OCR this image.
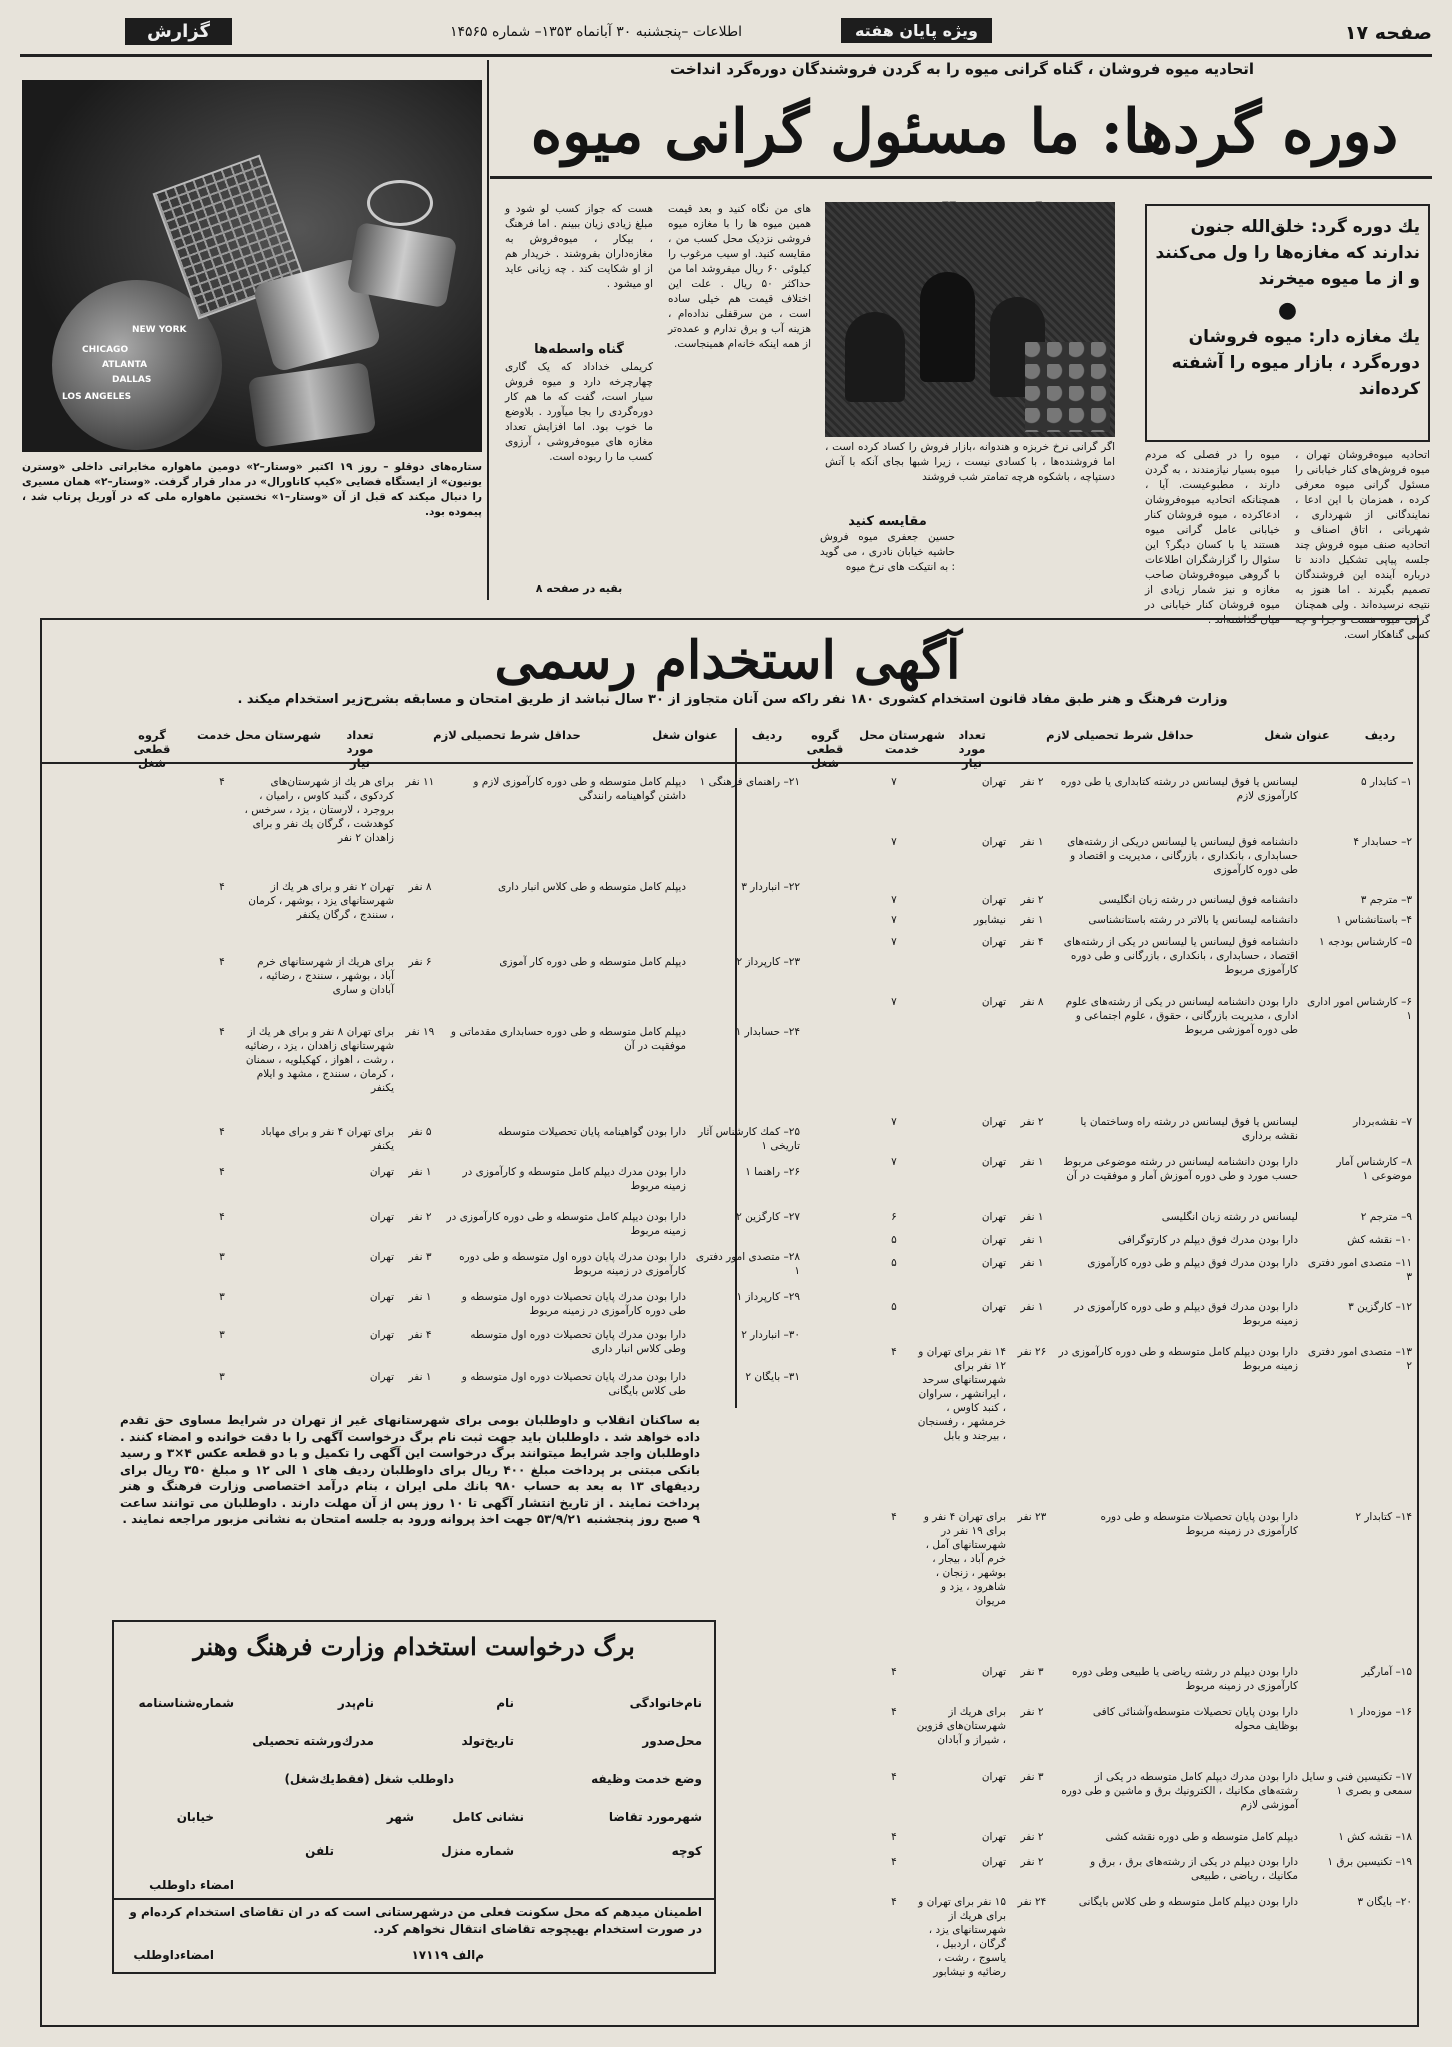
صفحه ۱۷
ویژه پایان هفته
اطلاعات –پنجشنبه ۳۰ آبانماه ۱۳۵۳– شماره ۱۴۵۶۵
گزارش
اتحادیه میوه فروشان ، گناه گرانی میوه را به گردن فروشندگان دوره‌گرد انداخت
دوره گردها: ما مسئول گرانی میوه
یك دوره گرد: خلق‌الله جنون ندارند که مغازه‌ها را ول می‌کنند و از ما میوه میخرند
●
یك مغازه دار: میوه فروشان دوره‌گرد ، بازار میوه را آشفته کرده‌اند
اگر گرانی نرخ خربزه و هندوانه ،بازار فروش را کساد کرده است ، اما فروشنده‌ها ، با کسادی نیست ، زیرا شبها بجای آنکه با آتش دستپاچه ، باشکوه هرچه تمامتر شب فروشند
اتحادیه میوه‌فروشان تهران ، میوه فروش‌های کنار خیابانی را مسئول گرانی میوه معرفی کرده ، همزمان با این ادعا ، نمایندگانی از شهرداری ، شهربانی ، اتاق اصناف و اتحادیه صنف میوه فروش چند جلسه پیاپی تشکیل دادند تا درباره آینده این فروشندگان تصمیم بگیرند . اما هنوز به نتیجه نرسیده‌اند . ولی همچنان گرانی میوه هست و جرا و چه کسی گناهکار است.
میوه را در فصلی که مردم میوه بسیار نیازمندند ، به گردن دارند ، مطبوعیست. آیا ، همچنانکه اتحادیه میوه‌فروشان ادعاکرده ، میوه فروشان کنار خیابانی عامل گرانی میوه هستند یا با کسان دیگر؟ این سئوال را گزارشگران اطلاعات با گروهی میوه‌فروشان صاحب مغازه و نیز شمار زیادی از میوه فروشان کنار خیابانی در میان گذاشته‌اند .
مقایسه کنید
حسین جعفری میوه فروش حاشیه خیابان نادری ، می گوید : به انتیکت های نرخ میوه
های من نگاه کنید و بعد قیمت همین میوه ها را با مغازه میوه فروشی نزدیک محل کسب من ، مقایسه کنید. او سیب مرغوب را کیلوئی ۶۰ ریال میفروشد اما من حداکثر ۵۰ ریال . علت این اختلاف قیمت هم خیلی ساده است ، من سرقفلی نداده‌ام ، هزینه آب و برق ندارم و عمده‌تر از همه اینکه خانه‌ام همینجاست.
هست که جواز کسب لو شود و مبلغ زیادی زیان ببینم . اما فرهنگ ، بیکار ، میوه‌فروش به مغازه‌داران بفروشند . خریدار هم از او شکایت کند . چه زیانی عاید او میشود .
گناه واسطه‌ها
کریملی خداداد که یک گاری چهارچرخه دارد و میوه فروش سیار است، گفت که ما هم کار دوره‌گردی را بجا میآورد . بلاوضع ما خوب بود. اما افزایش تعداد مغازه های میوه‌فروشی ، آرزوی کسب ما را ربوده است.
بقیه در صفحه ۸
NEW YORK
CHICAGO
ATLANTA
DALLAS
LOS ANGELES
ستاره‌های دوقلو – روز ۱۹ اکتبر «وستار–۲» دومین ماهواره مخابراتی داخلی «وسترن یونیون» از ایستگاه فضایی «کیپ کاناورال» در مدار قرار گرفت. «وستار–۲» همان مسیری را دنبال میکند که قبل از آن «وستار–۱» نخستین ماهواره ملی که در آوریل پرتاب شد ، پیموده بود.
آگهی استخدام رسمی
وزارت فرهنگ و هنر طبق مفاد قانون استخدام کشوری ۱۸۰ نفر راکه سن آنان متجاوز از ۳۰ سال نباشد از طریق امتحان و مسابقه بشرح‌زیر استخدام میکند .
ردیف
عنوان شغل
حداقل شرط تحصیلی لازم
تعداد مورد
شهرستان محل خدمت
گروه قطعی
ردیف
عنوان شغل
حداقل شرط تحصیلی لازم
تعداد مورد
شهرستان محل خدمت
گروه قطعی
۱– کتابدار ۵
لیسانس یا فوق لیسانس در رشته کتابداری یا طی دوره کارآموزی لازم
۲ نفر
تهران
۷
۲– حسابدار ۴
دانشنامه فوق لیسانس یا لیسانس دریکی از رشته‌های حسابداری ، بانکداری ، بازرگانی ، مدیریت و اقتصاد و طی دوره کارآموزی
۱ نفر
تهران
۷
۳– مترجم ۳
دانشنامه فوق لیسانس در رشته زبان انگلیسی
۲ نفر
تهران
۷
۴– باستانشناس ۱
دانشنامه لیسانس یا بالاتر در رشته باستانشناسی
۱ نفر
نیشابور
۷
۵– کارشناس بودجه ۱
دانشنامه فوق لیسانس یا لیسانس در یکی از رشته‌های اقتصاد ، حسابداری ، بانکداری ، بازرگانی و طی دوره کارآموزی مربوط
۴ نفر
تهران
۷
۶– کارشناس امور اداری ۱
دارا بودن دانشنامه لیسانس در یکی از رشته‌های علوم اداری ، مدیریت بازرگانی ، حقوق ، علوم اجتماعی و طی دوره آموزشی مربوط
۸ نفر
تهران
۷
۷– نقشه‌بردار
لیسانس یا فوق لیسانس در رشته راه وساختمان یا نقشه برداری
۲ نفر
تهران
۷
۸– کارشناس آمار موضوعی ۱
دارا بودن دانشنامه لیسانس در رشته موضوعی مربوط حسب مورد و طی دوره آموزش آمار و موفقیت در آن
۱ نفر
تهران
۷
۹– مترجم ۲
لیسانس در رشته زبان انگلیسی
۱ نفر
تهران
۶
۱۰– نقشه کش
دارا بودن مدرك فوق دیپلم در کارتوگرافی
۱ نفر
تهران
۵
۱۱– متصدی امور دفتری ۳
دارا بودن مدرك فوق دیپلم و طی دوره کارآموزی
۱ نفر
تهران
۵
۱۲– کارگزین ۳
دارا بودن مدرك فوق دیپلم و طی دوره کارآموزی در زمینه مربوط
۱ نفر
تهران
۵
۱۳– متصدی امور دفتری ۲
دارا بودن دیپلم کامل متوسطه و طی دوره کارآموزی در زمینه مربوط
۲۶ نفر
۱۴ نفر برای تهران و ۱۲ نفر برای شهرستانهای سرحد ، ایرانشهر ، سراوان ، کنبد کاوس ، خرمشهر ، رفسنجان ، بیرجند و بابل
۴
۱۴– کتابدار ۲
دارا بودن پایان تحصیلات متوسطه و طی دوره کارآموزی در زمینه مربوط
۲۳ نفر
برای تهران ۴ نفر و برای ۱۹ نفر در شهرستانهای آمل ، خرم آباد ، بیجار ، بوشهر ، زنجان ، شاهرود ، یزد و مریوان
۴
۱۵– آمارگیر
دارا بودن دیپلم در رشته ریاضی یا طبیعی وطی دوره کارآموزی در زمینه مربوط
۳ نفر
تهران
۴
۱۶– موزه‌دار ۱
دارا بودن پایان تحصیلات متوسطه‌وآشنائی کافی بوظایف محوله
۲ نفر
برای هریك از شهرستان‌های قزوین ، شیراز و آبادان
۴
۱۷– تکنیسین فنی و سایل سمعی و بصری ۱
دارا بودن مدرك دیپلم کامل متوسطه در یکی از رشته‌های مکانیك ، الکترونیك برق و ماشین و طی دوره آموزشی لازم
۳ نفر
تهران
۴
۱۸– نقشه کش ۱
دیپلم کامل متوسطه و طی دوره نقشه کشی
۲ نفر
تهران
۴
۱۹– تکنیسین برق ۱
دارا بودن دیپلم در یکی از رشته‌های برق ، برق و مکانیك ، ریاضی ، طبیعی
۲ نفر
تهران
۴
۲۰– بایگان ۳
دارا بودن دیپلم کامل متوسطه و طی کلاس بایگانی
۲۴ نفر
۱۵ نفر برای تهران و برای هریك از شهرستانهای یزد ، گرگان ، اردبیل ، یاسوج ، رشت ، رضائیه و نیشابور
۴
۲۱– راهنمای فرهنگی ۱
دیپلم کامل متوسطه و طی دوره کارآموزی لازم و داشتن گواهینامه رانندگی
۱۱ نفر
برای هر یك از شهرستان‌های کردکوی ، گنبد کاوس ، رامیان ، بروجرد ، لارستان ، یزد ، سرخس ، کوهدشت ، گرگان یك نفر و برای زاهدان ۲ نفر
۴
۲۲– انباردار ۳
دیپلم کامل متوسطه و طی کلاس انبار داری
۸ نفر
تهران ۲ نفر و برای هر یك از شهرستانهای یزد ، بوشهر ، کرمان ، سنندج ، گرگان یکنفر
۴
۲۳– کارپرداز ۲
دیپلم کامل متوسطه و طی دوره کار آموزی
۶ نفر
برای هریك از شهرستانهای خرم آباد ، بوشهر ، سنندج ، رضائیه ، آبادان و ساری
۴
۲۴– حسابدار ۱
دیپلم کامل متوسطه و طی دوره حسابداری مقدماتی و موفقیت در آن
۱۹ نفر
برای تهران ۸ نفر و برای هر یك از شهرستانهای زاهدان ، یزد ، رضائیه ، رشت ، اهواز ، کهکیلویه ، سمنان ، کرمان ، سنندج ، مشهد و ایلام یکنفر
۴
۲۵– کمك کارشناس آثار تاریخی ۱
دارا بودن گواهینامه پایان تحصیلات متوسطه
۵ نفر
برای تهران ۴ نفر و برای مهاباد یکنفر
۴
۲۶– راهنما ۱
دارا بودن مدرك دیپلم کامل متوسطه و کارآموزی در زمینه مربوط
۱ نفر
تهران
۴
۲۷– کارگزین ۲
دارا بودن دیپلم کامل متوسطه و طی دوره کارآموزی در زمینه مربوط
۲ نفر
تهران
۴
۲۸– متصدی امور دفتری ۱
دارا بودن مدرك پایان دوره اول متوسطه و طی دوره کارآموزی در زمینه مربوط
۳ نفر
تهران
۳
۲۹– کارپرداز ۱
دارا بودن مدرك پایان تحصیلات دوره اول متوسطه و طی دوره کارآموزی در زمینه مربوط
۱ نفر
تهران
۳
۳۰– انباردار ۲
دارا بودن مدرك پایان تحصیلات دوره اول متوسطه وطی کلاس انبار داری
۴ نفر
تهران
۳
۳۱– بایگان ۲
دارا بودن مدرك پایان تحصیلات دوره اول متوسطه و طی کلاس بایگانی
۱ نفر
تهران
۳
به ساکنان انقلاب و داوطلبان بومی برای شهرستانهای غیر از تهران در شرایط مساوی حق تقدم داده خواهد شد . داوطلبان باید جهت ثبت نام برگ درخواست آگهی را با دقت خوانده و امضاء کنند . داوطلبان واجد شرایط میتوانند برگ درخواست این آگهی را تکمیل و با دو قطعه عکس ۴×۳ و رسید بانکی مبتنی بر پرداخت مبلغ ۴۰۰ ریال برای داوطلبان ردیف های ۱ الی ۱۲ و مبلغ ۳۵۰ ریال برای ردیفهای ۱۳ به بعد به حساب ۹۸۰ بانك ملی ایران ، بنام درآمد اختصاصی وزارت فرهنگ و هنر پرداخت نمایند . از تاریخ انتشار آگهی تا ۱۰ روز پس از آن مهلت دارند . داوطلبان می توانند ساعت ۹ صبح روز پنجشنبه ۵۳/۹/۲۱ جهت اخذ پروانه ورود به جلسه امتحان به نشانی مزبور مراجعه نمایند .
برگ درخواست استخدام وزارت فرهنگ وهنر
نام‌خانوادگی
نام
نام‌پدر
شماره‌شناسنامه
محل‌صدور
تاریخ‌تولد
مدرك‌ورشته تحصیلی
وضع خدمت وظیفه
داوطلب شغل (فقط‌یك‌شغل)
شهرمورد تقاضا
نشانی کامل
شهر
خیابان
کوچه
شماره منزل
تلفن
امضاء داوطلب
اطمینان میدهم که محل سکونت فعلی من درشهرستانی است که در ان تقاضای استخدام کرده‌ام و در صورت استخدام بهیچوجه تقاضای انتقال نخواهم کرد.
م‌الف ۱۷۱۱۹
امضاءداوطلب
